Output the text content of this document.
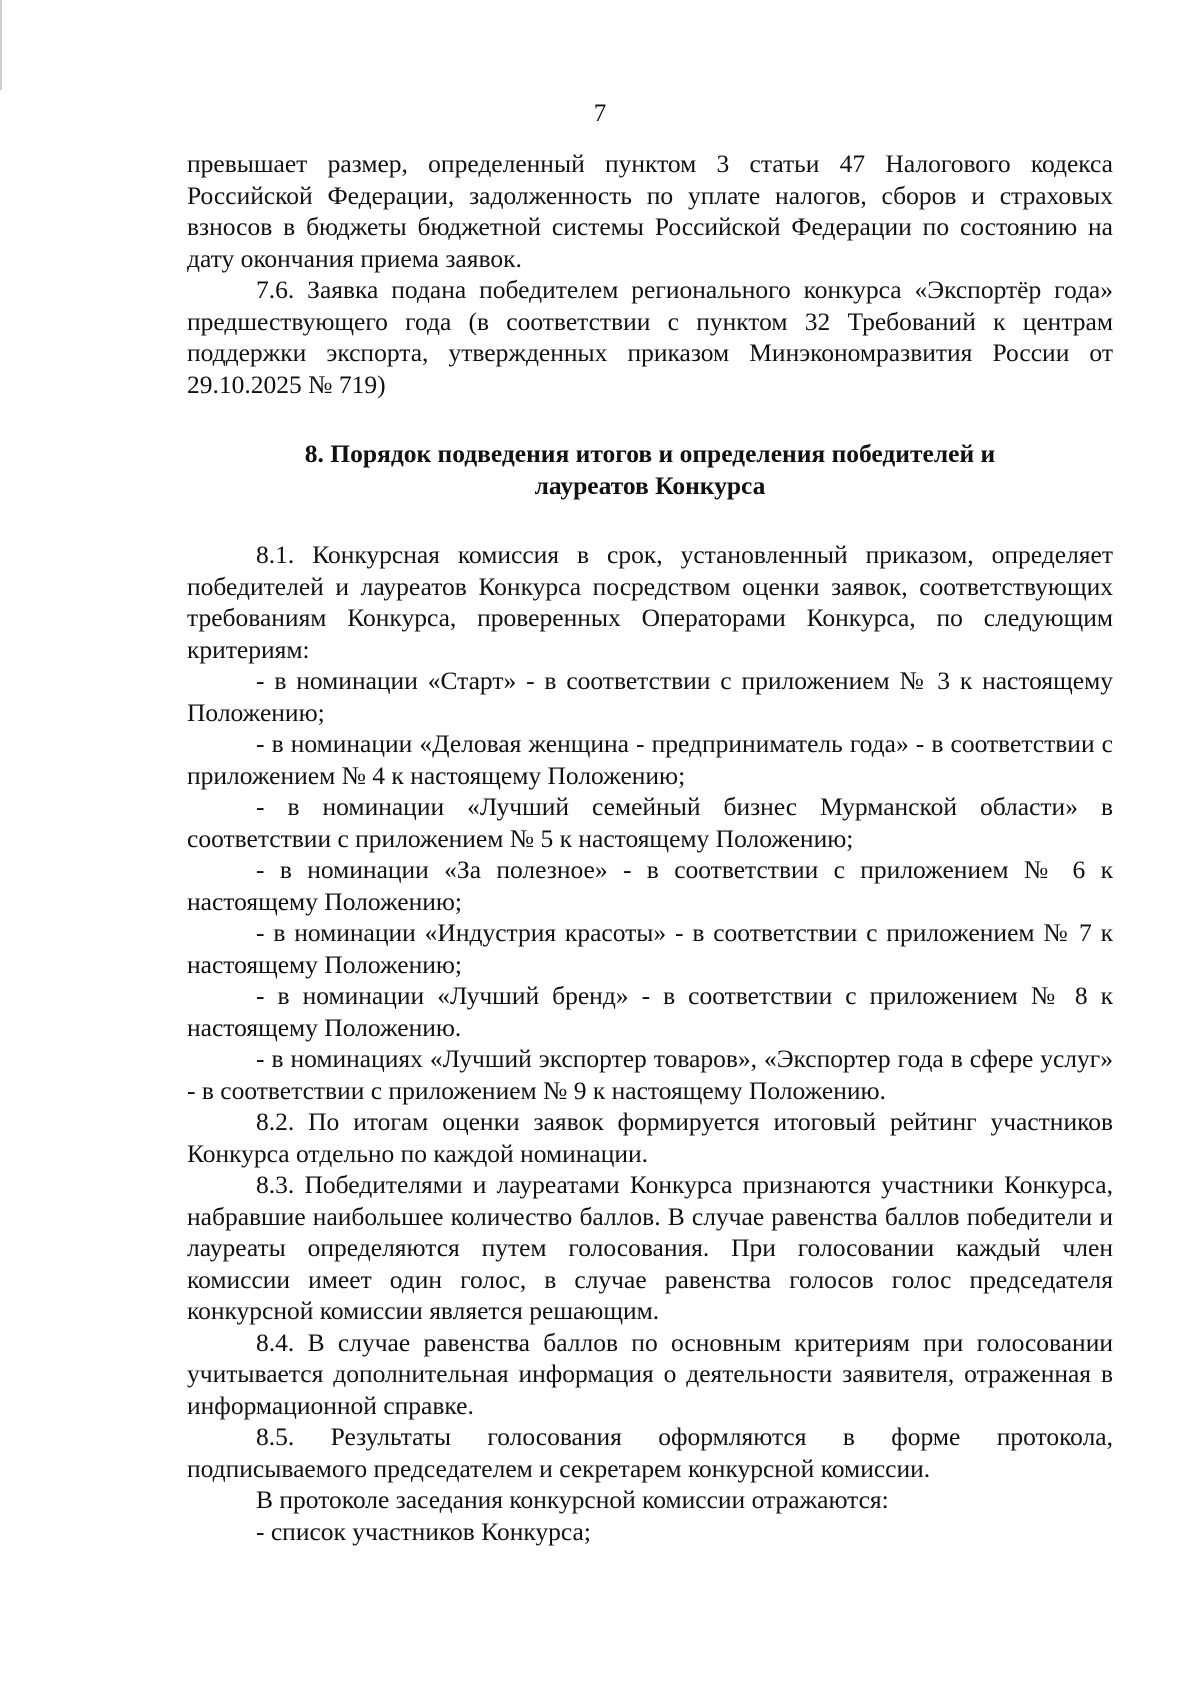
7

превышает размер, определенный пунктом 3 статьи 47 Налогового кодекса Российской Федерации, задолженность по уплате налогов, сборов и страховых взносов в бюджеты бюджетной системы Российской Федерации по состоянию на дату окончания приема заявок.

7.6. Заявка подана победителем регионального конкурса «Экспортёр года» предшествующего года (в соответствии с пунктом 32 Требований к центрам поддержки экспорта, утвержденных приказом Минэкономразвития России от 29.10.2025 № 719)

8. Порядок подведения итогов и определения победителей и
лауреатов Конкурса

8.1. Конкурсная комиссия в срок, установленный приказом, определяет победителей и лауреатов Конкурса посредством оценки заявок, соответствующих требованиям Конкурса, проверенных Операторами Конкурса, по следующим критериям:

- в номинации «Старт» - в соответствии с приложением № 3 к настоящему Положению;

- в номинации «Деловая женщина - предприниматель года» - в соответствии с приложением № 4 к настоящему Положению;

- в номинации «Лучший семейный бизнес Мурманской области» в соответствии с приложением № 5 к настоящему Положению;

- в номинации «За полезное» - в соответствии с приложением № 6 к настоящему Положению;

- в номинации «Индустрия красоты» - в соответствии с приложением № 7 к настоящему Положению;

- в номинации «Лучший бренд» - в соответствии с приложением № 8 к настоящему Положению.

- в номинациях «Лучший экспортер товаров», «Экспортер года в сфере услуг» - в соответствии с приложением № 9 к настоящему Положению.

8.2. По итогам оценки заявок формируется итоговый рейтинг участников Конкурса отдельно по каждой номинации.

8.3. Победителями и лауреатами Конкурса признаются участники Конкурса, набравшие наибольшее количество баллов. В случае равенства баллов победители и лауреаты определяются путем голосования. При голосовании каждый член комиссии имеет один голос, в случае равенства голосов голос председателя конкурсной комиссии является решающим.

8.4. В случае равенства баллов по основным критериям при голосовании учитывается дополнительная информация о деятельности заявителя, отраженная в информационной справке.

8.5. Результаты голосования оформляются в форме протокола, подписываемого председателем и секретарем конкурсной комиссии.

В протоколе заседания конкурсной комиссии отражаются:

- список участников Конкурса;
